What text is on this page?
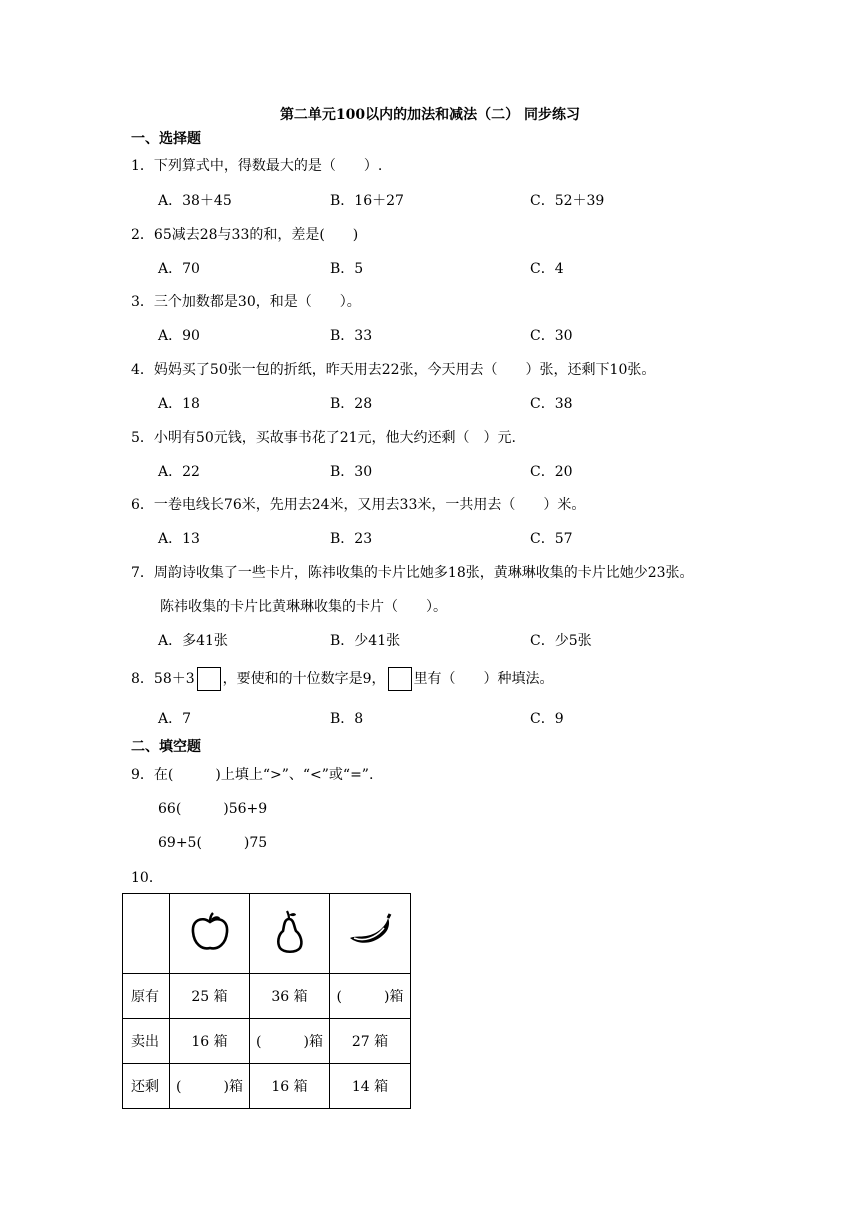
第二单元100以内的加法和减法（二） 同步练习
一、选择题
1．下列算式中，得数最大的是（　　）.
A．38＋45	B．16＋27	C．52＋39
2．65减去28与33的和，差是(　　)
A．70	B．5	C．4
3．三个加数都是30，和是（　　）。
A．90	B．33	C．30
4．妈妈买了50张一包的折纸，昨天用去22张，今天用去（　　）张，还剩下10张。
A．18	B．28	C．38
5．小明有50元钱，买故事书花了21元，他大约还剩（　）元.
A．22	B．30	C．20
6．一卷电线长76米，先用去24米，又用去33米，一共用去（　　）米。
A．13	B．23	C．57
7．周韵诗收集了一些卡片，陈祎收集的卡片比她多18张，黄琳琳收集的卡片比她少23张。
陈祎收集的卡片比黄琳琳收集的卡片（　　）。
A．多41张	B．少41张	C．少5张
8．58＋3 ，要使和的十位数字是9， 里有（　　）种填法。
A．7	B．8	C．9
二、填空题
9．在(　　　)上填上“>”、“<”或“=”.
66(　　　)56+9
69+5(　　　)75
10．

原有	25 箱	36 箱	(　　　)箱
卖出	16 箱	(　　　)箱	27 箱
还剩	(　　　)箱	16 箱	14 箱
